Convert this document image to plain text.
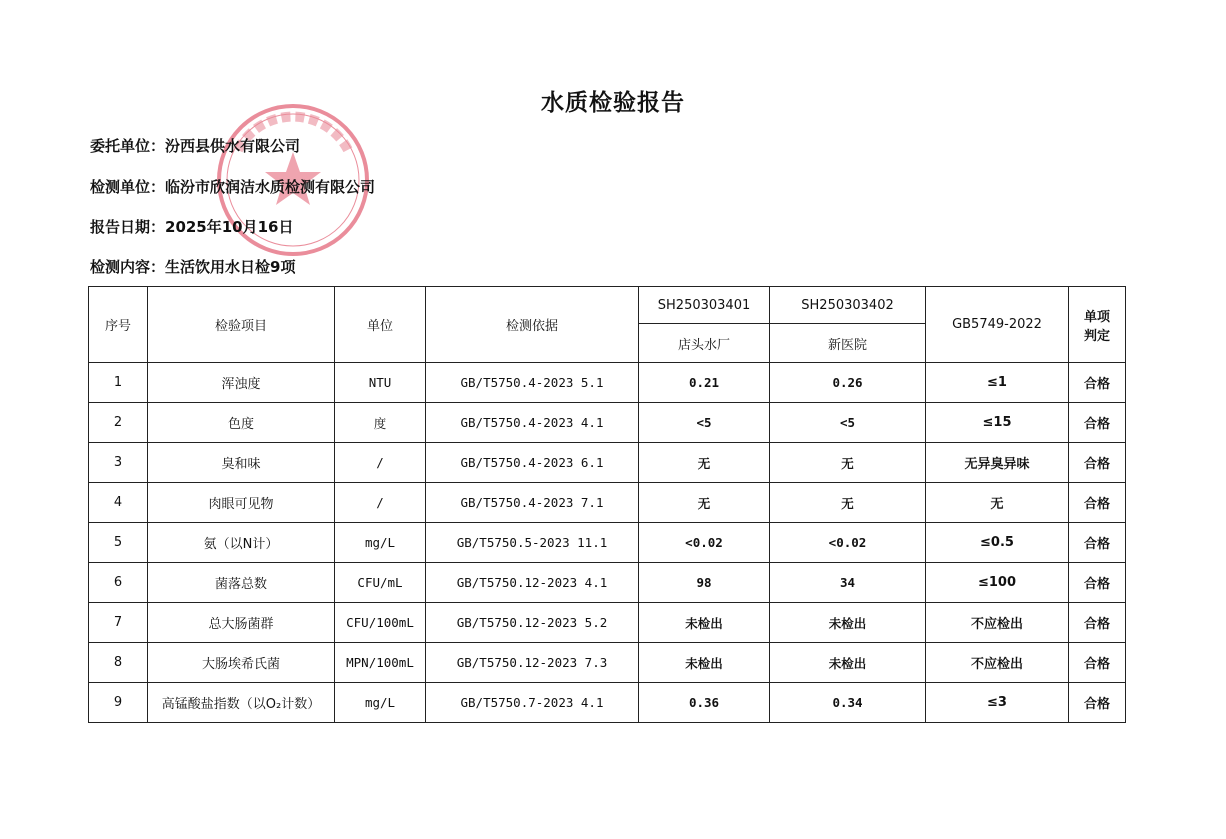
水质检验报告
委托单位：汾西县供水有限公司
检测单位：临汾市欣润洁水质检测有限公司
报告日期：2025年10月16日
检测内容：生活饮用水日检9项
序号	检验项目	单位	检测依据	SH250303401	SH250303402	GB5749-2022	单项
判定
				店头水厂	新医院		
1	浑浊度	NTU	GB/T5750.4-2023 5.1	0.21	0.26	≤1	合格
2	色度	度	GB/T5750.4-2023 4.1	<5	<5	≤15	合格
3	臭和味	/	GB/T5750.4-2023 6.1	无	无	无异臭异味	合格
4	肉眼可见物	/	GB/T5750.4-2023 7.1	无	无	无	合格
5	氨（以N计）	mg/L	GB/T5750.5-2023 11.1	<0.02	<0.02	≤0.5	合格
6	菌落总数	CFU/mL	GB/T5750.12-2023 4.1	98	34	≤100	合格
7	总大肠菌群	CFU/100mL	GB/T5750.12-2023 5.2	未检出	未检出	不应检出	合格
8	大肠埃希氏菌	MPN/100mL	GB/T5750.12-2023 7.3	未检出	未检出	不应检出	合格
9	高锰酸盐指数（以O₂计数）	mg/L	GB/T5750.7-2023 4.1	0.36	0.34	≤3	合格
